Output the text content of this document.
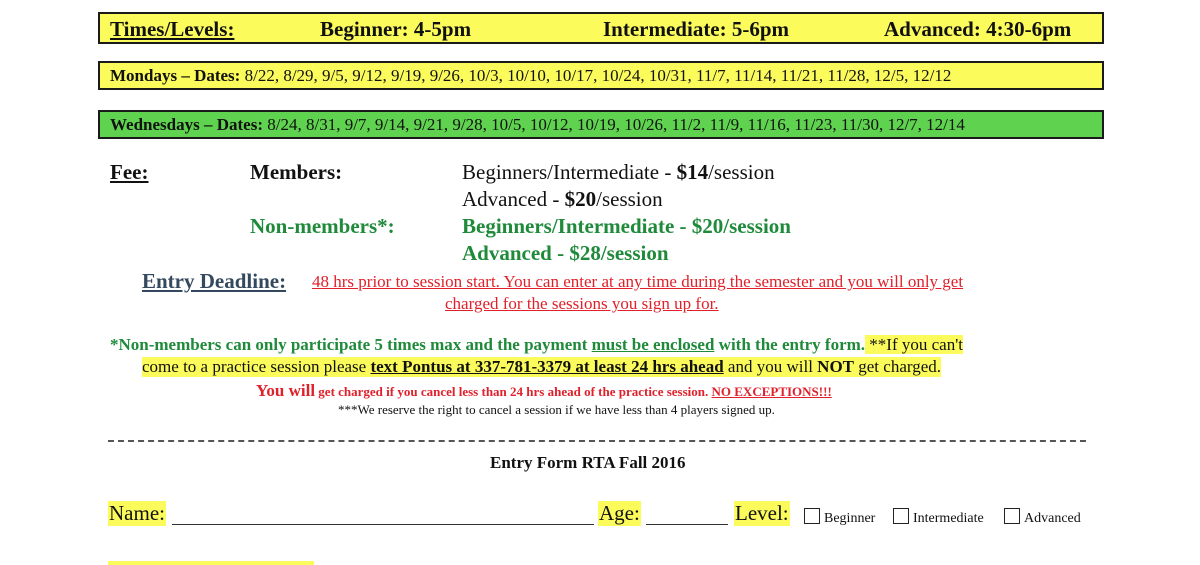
Times/Levels:	Beginner: 4-5pm	Intermediate: 5-6pm	Advanced: 4:30-6pm
Mondays – Dates: 8/22, 8/29, 9/5, 9/12, 9/19, 9/26, 10/3, 10/10, 10/17, 10/24, 10/31, 11/7, 11/14, 11/21, 11/28, 12/5, 12/12
Wednesdays – Dates: 8/24, 8/31, 9/7, 9/14, 9/21, 9/28, 10/5, 10/12, 10/19, 10/26, 11/2, 11/9, 11/16, 11/23, 11/30, 12/7, 12/14
Fee:	Members:	Beginners/Intermediate - $14/session
Advanced - $20/session
Non-members*:	Beginners/Intermediate - $20/session
Advanced - $28/session
Entry Deadline: 48 hrs prior to session start. You can enter at any time during the semester and you will only get
charged for the sessions you sign up for.
*Non-members can only participate 5 times max and the payment must be enclosed with the entry form. **If you can't
come to a practice session please text Pontus at 337-781-3379 at least 24 hrs ahead and you will NOT get charged.
You will get charged if you cancel less than 24 hrs ahead of the practice session. NO EXCEPTIONS!!!
***We reserve the right to cancel a session if we have less than 4 players signed up.
Entry Form RTA Fall 2016
Name:	Age:	Level:	Beginner	Intermediate	Advanced
